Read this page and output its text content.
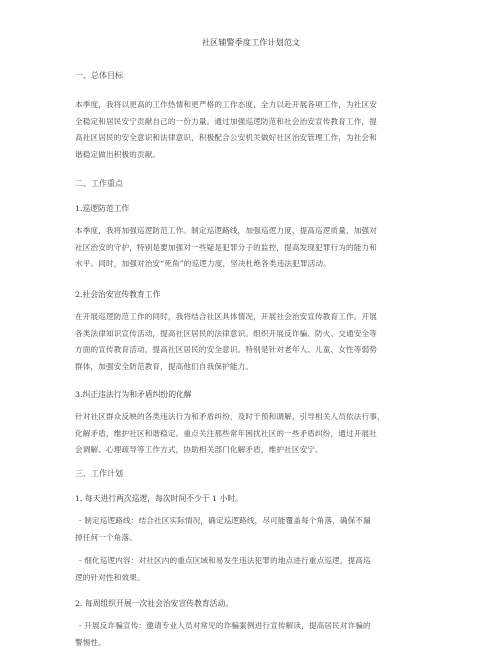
社区辅警季度工作计划范文
一、总体目标
本季度，我将以更高的工作热情和更严格的工作态度，全力以赴开展各项工作，为社区安
全稳定和居民安宁贡献自己的一份力量。通过加强巡逻防范和社会治安宣传教育工作，提
高社区居民的安全意识和法律意识，积极配合公安机关做好社区治安管理工作，为社会和
谐稳定做出积极的贡献。
二、工作重点
1.巡逻防范工作
本季度，我将加强巡逻防范工作。制定巡逻路线，加强巡逻力度，提高巡逻质量，加强对
社区治安的守护，特别是要加强对一些疑是犯罪分子的监控，提高发现犯罪行为的能力和
水平。同时，加强对治安“死角”的巡逻力度，坚决杜绝各类违法犯罪活动。
2.社会治安宣传教育工作
在开展巡逻防范工作的同时，我将结合社区具体情况，开展社会治安宣传教育工作。开展
各类法律知识宣传活动，提高社区居民的法律意识。组织开展反诈骗、防火、交通安全等
方面的宣传教育活动，提高社区居民的安全意识。特别是针对老年人、儿童、女性等弱势
群体，加强安全防范教育，提高他们自我保护能力。
3.纠正违法行为和矛盾纠纷的化解
针对社区群众反映的各类违法行为和矛盾纠纷，及时干预和调解，引导相关人员依法行事，
化解矛盾，维护社区和谐稳定。重点关注那些常年困扰社区的一些矛盾纠纷，通过开展社
会调解、心理疏导等工作方式，协助相关部门化解矛盾，维护社区安宁。
三、工作计划
1. 每天进行两次巡逻，每次时间不少于 1 小时。
- 制定巡逻路线：结合社区实际情况，确定巡逻路线，尽可能覆盖每个角落，确保不漏
掉任何一个角落。
- 细化巡逻内容：对社区内的重点区域和易发生违法犯罪的地点进行重点巡逻，提高巡
逻的针对性和效果。
2. 每周组织开展一次社会治安宣传教育活动。
- 开展反诈骗宣传：邀请专业人员对常见的诈骗案例进行宣传解读，提高居民对诈骗的
警惕性。
